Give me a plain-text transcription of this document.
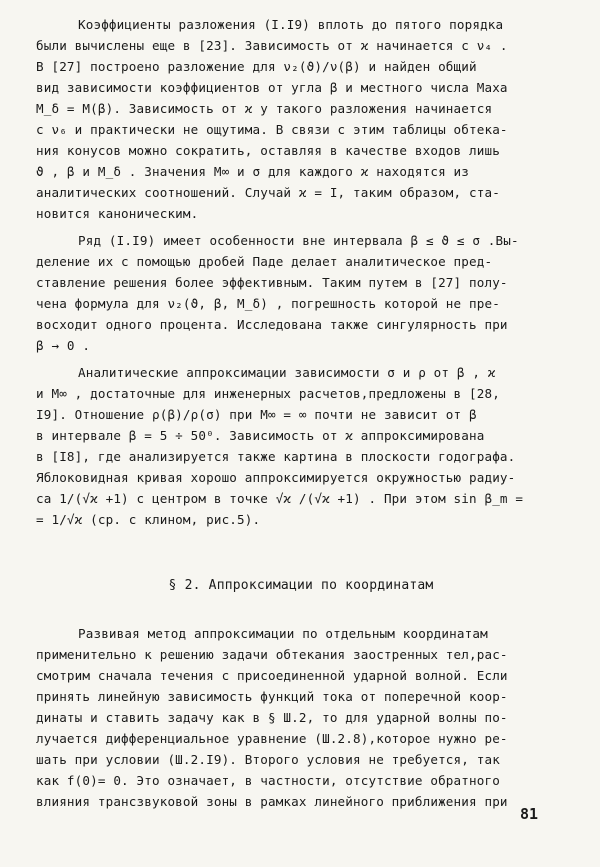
Коэффициенты разложения (I.I9) вплоть до пятого порядка

были вычислены еще в [23]. Зависимость от ϰ начинается с ν₄ .

В [27] построено разложение для ν₂(ϑ)/ν(β) и найден общий

вид зависимости коэффициентов от угла β и местного числа Маха

M_δ = M(β). Зависимость от ϰ у такого разложения начинается

с ν₆ и практически не ощутима. В связи с этим таблицы обтека-

ния конусов можно сократить, оставляя в качестве входов лишь

ϑ , β и M_δ . Значения M∞ и σ для каждого ϰ находятся из

аналитических соотношений. Случай ϰ = I, таким образом, ста-

новится каноническим.

Ряд (I.I9) имеет особенности вне интервала β ≤ ϑ ≤ σ .Вы-

деление их с помощью дробей Паде делает аналитическое пред-

ставление решения более эффективным. Таким путем в [27] полу-

чена формула для ν₂(ϑ, β, M_δ) , погрешность которой не пре-

восходит одного процента. Исследована также сингулярность при

β → 0 .

Аналитические аппроксимации зависимости σ и ρ от β , ϰ

и M∞ , достаточные для инженерных расчетов,предложены в [28,

I9]. Отношение ρ(β)/ρ(σ) при M∞ = ∞ почти не зависит от β

в интервале β = 5 ÷ 50⁰. Зависимость от ϰ аппроксимирована

в [I8], где анализируется также картина в плоскости годографа.

Яблоковидная кривая хорошо аппроксимируется окружностью радиу-

са 1/(√ϰ +1) с центром в точке √ϰ /(√ϰ +1) . При этом sin β_m =

= 1/√ϰ (ср. с клином, рис.5).

§ 2. Аппроксимации по координатам

Развивая метод аппроксимации по отдельным координатам

применительно к решению задачи обтекания заостренных тел,рас-

смотрим сначала течения с присоединенной ударной волной. Если

принять линейную зависимость функций тока от поперечной коор-

динаты и ставить задачу как в § Ш.2, то для ударной волны по-

лучается дифференциальное уравнение (Ш.2.8),которое нужно ре-

шать при условии (Ш.2.I9). Второго условия не требуется, так

как f(0)= 0. Это означает, в частности, отсутствие обратного

влияния трансзвуковой зоны в рамках линейного приближения при

81
